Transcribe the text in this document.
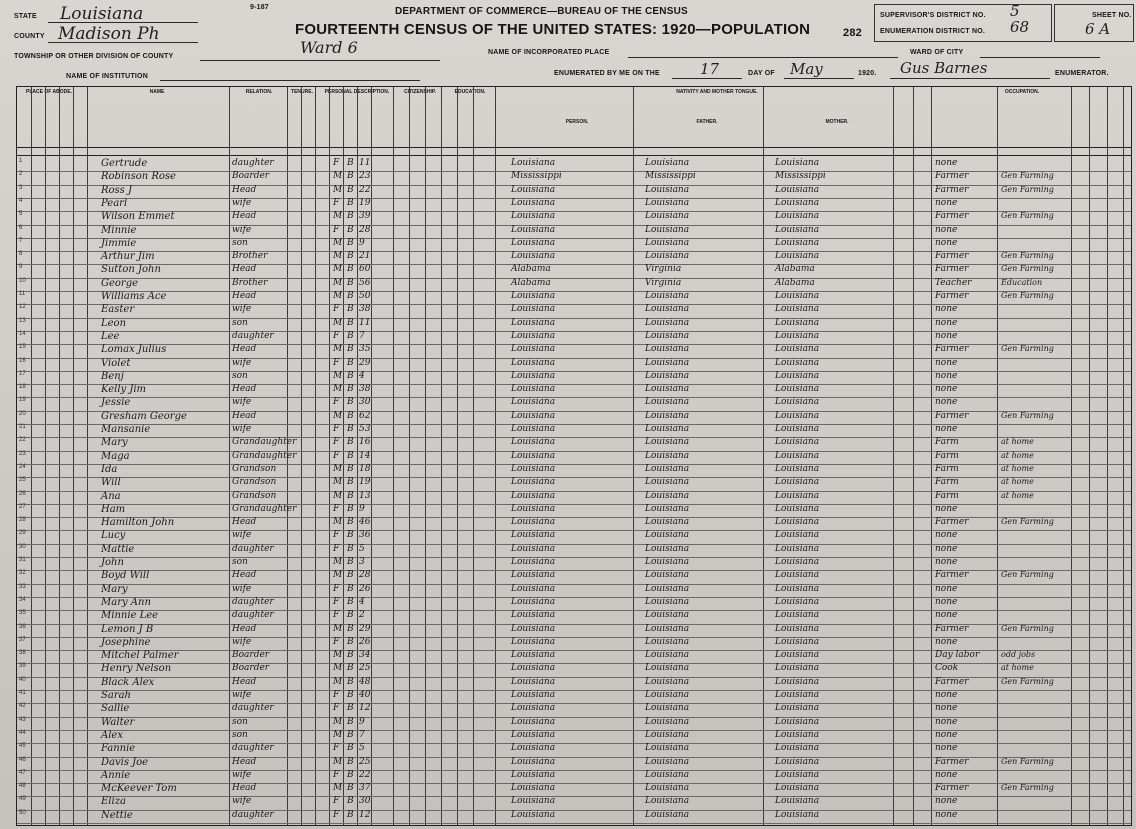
9-187	DEPARTMENT OF COMMERCE—BUREAU OF THE CENSUS
FOURTEENTH CENSUS OF THE UNITED STATES: 1920—POPULATION	282
STATE Louisiana
COUNTY Madison Ph
TOWNSHIP OR OTHER DIVISION OF COUNTY	Ward 6	NAME OF INCORPORATED PLACE	WARD OF CITY
NAME OF INSTITUTION	ENUMERATED BY ME ON THE	17	DAY OF May	1920. Gus Barnes	ENUMERATOR.
SUPERVISOR'S DISTRICT NO. 5
ENUMERATION DISTRICT NO. 68
SHEET NO.
6 A
PLACE OF ABODE.	NAME	RELATION.	TENURE.	PERSONAL DESCRIPTION.	CITIZENSHIP.	EDUCATION.	NATIVITY AND MOTHER TONGUE.
PERSON.	FATHER.	MOTHER.
OCCUPATION.
1	Gertrude	daughter	F B 11	Louisiana	Louisiana	Louisiana	none
2	Robinson Rose	Boarder	M B 23	Mississippi	Mississippi	Mississippi	Farmer	Gen Farming
3	Ross J	Head	M B 22	Louisiana	Louisiana	Louisiana	Farmer	Gen Farming
4	Pearl	wife	F B 19	Louisiana	Louisiana	Louisiana	none
5	Wilson Emmet	Head	M B 39	Louisiana	Louisiana	Louisiana	Farmer	Gen Farming
6	Minnie	wife	F B 28	Louisiana	Louisiana	Louisiana	none
7	Jimmie	son	M B 9	Louisiana	Louisiana	Louisiana	none
8	Arthur Jim	Brother	M B 21	Louisiana	Louisiana	Louisiana	Farmer	Gen Farming
9	Sutton John	Head	M B 60	Alabama	Virginia	Alabama	Farmer	Gen Farming
10	George	Brother	M B 56	Alabama	Virginia	Alabama	Teacher	Education
11	Williams Ace	Head	M B 50	Louisiana	Louisiana	Louisiana	Farmer	Gen Farming
12	Easter	wife	F B 38	Louisiana	Louisiana	Louisiana	none
13	Leon	son	M B 11	Louisiana	Louisiana	Louisiana	none
14	Lee	daughter	F B 7	Louisiana	Louisiana	Louisiana	none
15	Lomax Julius	Head	M B 35	Louisiana	Louisiana	Louisiana	Farmer	Gen Farming
16	Violet	wife	F B 29	Louisiana	Louisiana	Louisiana	none
17	Benj	son	M B 4	Louisiana	Louisiana	Louisiana	none
18	Kelly Jim	Head	M B 38	Louisiana	Louisiana	Louisiana	none
19	Jessie	wife	F B 30	Louisiana	Louisiana	Louisiana	none
20	Gresham George	Head	M B 62	Louisiana	Louisiana	Louisiana	Farmer	Gen Farming
21	Mansanie	wife	F B 53	Louisiana	Louisiana	Louisiana	none
22	Mary	Grandaughter	F B 16	Louisiana	Louisiana	Louisiana	Farm	at home
23	Maga	Grandaughter	F B 14	Louisiana	Louisiana	Louisiana	Farm	at home
24	Ida	Grandson	M B 18	Louisiana	Louisiana	Louisiana	Farm	at home
25	Will	Grandson	M B 19	Louisiana	Louisiana	Louisiana	Farm	at home
26	Ana	Grandson	M B 13	Louisiana	Louisiana	Louisiana	Farm	at home
27	Ham	Grandaughter	F B 9	Louisiana	Louisiana	Louisiana	none
28	Hamilton John	Head	M B 46	Louisiana	Louisiana	Louisiana	Farmer	Gen Farming
29	Lucy	wife	F B 36	Louisiana	Louisiana	Louisiana	none
30	Mattie	daughter	F B 5	Louisiana	Louisiana	Louisiana	none
31	John	son	M B 3	Louisiana	Louisiana	Louisiana	none
32	Boyd Will	Head	M B 28	Louisiana	Louisiana	Louisiana	Farmer	Gen Farming
33	Mary	wife	F B 26	Louisiana	Louisiana	Louisiana	none
34	Mary Ann	daughter	F B 4	Louisiana	Louisiana	Louisiana	none
35	Minnie Lee	daughter	F B 2	Louisiana	Louisiana	Louisiana	none
36	Lemon J B	Head	M B 29	Louisiana	Louisiana	Louisiana	Farmer	Gen Farming
37	Josephine	wife	F B 26	Louisiana	Louisiana	Louisiana	none
38	Mitchel Palmer	Boarder	M B 34	Louisiana	Louisiana	Louisiana	Day labor	odd jobs
39	Henry Nelson	Boarder	M B 25	Louisiana	Louisiana	Louisiana	Cook	at home
40	Black Alex	Head	M B 48	Louisiana	Louisiana	Louisiana	Farmer	Gen Farming
41	Sarah	wife	F B 40	Louisiana	Louisiana	Louisiana	none
42	Sallie	daughter	F B 12	Louisiana	Louisiana	Louisiana	none
43	Walter	son	M B 9	Louisiana	Louisiana	Louisiana	none
44	Alex	son	M B 7	Louisiana	Louisiana	Louisiana	none
45	Fannie	daughter	F B 5	Louisiana	Louisiana	Louisiana	none
46	Davis Joe	Head	M B 25	Louisiana	Louisiana	Louisiana	Farmer	Gen Farming
47	Annie	wife	F B 22	Louisiana	Louisiana	Louisiana	none
48	McKeever Tom	Head	M B 37	Louisiana	Louisiana	Louisiana	Farmer	Gen Farming
49	Eliza	wife	F B 30	Louisiana	Louisiana	Louisiana	none
50	Nettie	daughter	F B 12	Louisiana	Louisiana	Louisiana	none
